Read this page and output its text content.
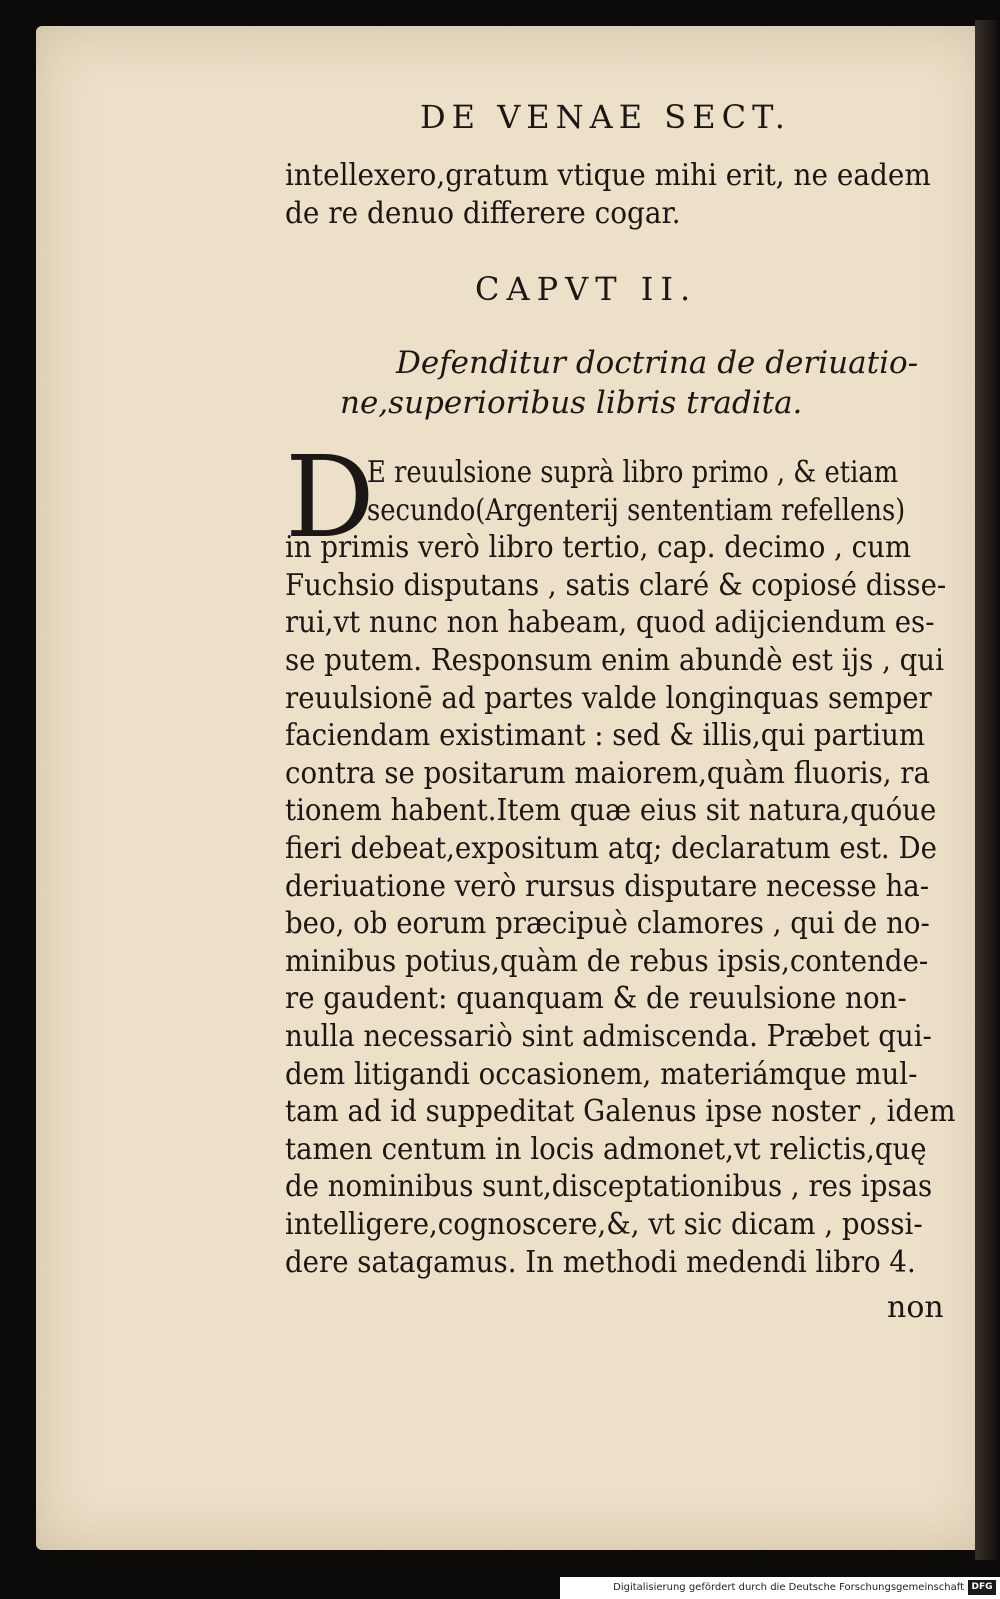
DE VENAE SECT.
intellexero,gratum vtique mihi erit, ne eadem
de re denuo differere cogar.
CAPVT II.
Defenditur doctrina de deriuatio-
ne,superioribus libris tradita.
D
E reuulsione suprà libro primo , & etiam
secundo(Argenterij sententiam refellens)
in primis verò libro tertio, cap. decimo , cum
Fuchsio disputans , satis claré & copiosé disse-
rui,vt nunc non habeam, quod adijciendum es-
se putem. Responsum enim abundè est ijs , qui
reuulsionē ad partes valde longinquas semper
faciendam existimant : sed & illis,qui partium
contra se positarum maiorem,quàm fluoris, ra
tionem habent.Item quæ eius sit natura,quóue
fieri debeat,expositum atq; declaratum est. De
deriuatione verò rursus disputare necesse ha-
beo, ob eorum præcipuè clamores , qui de no-
minibus potius,quàm de rebus ipsis,contende-
re gaudent: quanquam & de reuulsione non-
nulla necessariò sint admiscenda. Præbet qui-
dem litigandi occasionem, materiámque mul-
tam ad id suppeditat Galenus ipse noster , idem
tamen centum in locis admonet,vt relictis,quę
de nominibus sunt,disceptationibus , res ipsas
intelligere,cognoscere,&, vt sic dicam , possi-
dere satagamus. In methodi medendi libro 4.
non
Digitalisierung gefördert durch die Deutsche Forschungsgemeinschaft DFG
